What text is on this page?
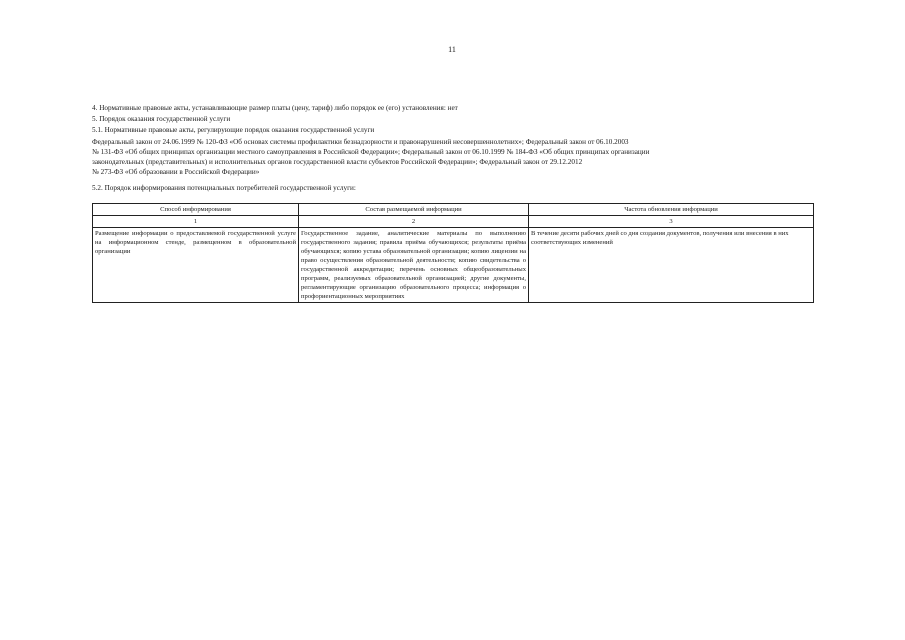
11

4. Нормативные правовые акты, устанавливающие размер платы (цену, тариф) либо порядок ее (его) установления: нет

5. Порядок оказания государственной услуги

5.1. Нормативные правовые акты, регулирующие порядок оказания государственной услуги

Федеральный закон от 24.06.1999 № 120-ФЗ «Об основах системы профилактики безнадзорности и правонарушений несовершеннолетних»; Федеральный закон от 06.10.2003

№ 131-ФЗ «Об общих принципах организации местного самоуправления в Российской Федерации»; Федеральный закон от 06.10.1999 № 184-ФЗ «Об общих принципах организации

законодательных (представительных) и исполнительных органов государственной власти субъектов Российской Федерации»; Федеральный закон от 29.12.2012

№ 273-ФЗ «Об образовании в Российской Федерации»

5.2. Порядок информирования потенциальных потребителей государственной услуги:
Способ информирования	Состав размещаемой информации	Частота обновления информации
1	2	3
Размещение информации о предоставляемой государственной услуге на информационном стенде, размещенном в образовательной организации	Государственное задание, аналитические материалы по выполнению государственного задания; правила приёма обучающихся; результаты приёма обучающихся; копию устава образовательной организации; копию лицензии на право осуществления образовательной деятельности; копию свидетельства о государственной аккредитации; перечень основных общеобразовательных программ, реализуемых образовательной организацией; другие документы, регламентирующие организацию образовательного процесса; информация о профориентационных мероприятиях	В течение десяти рабочих дней со дня создания документов, получения или внесения в них соответствующих изменений
